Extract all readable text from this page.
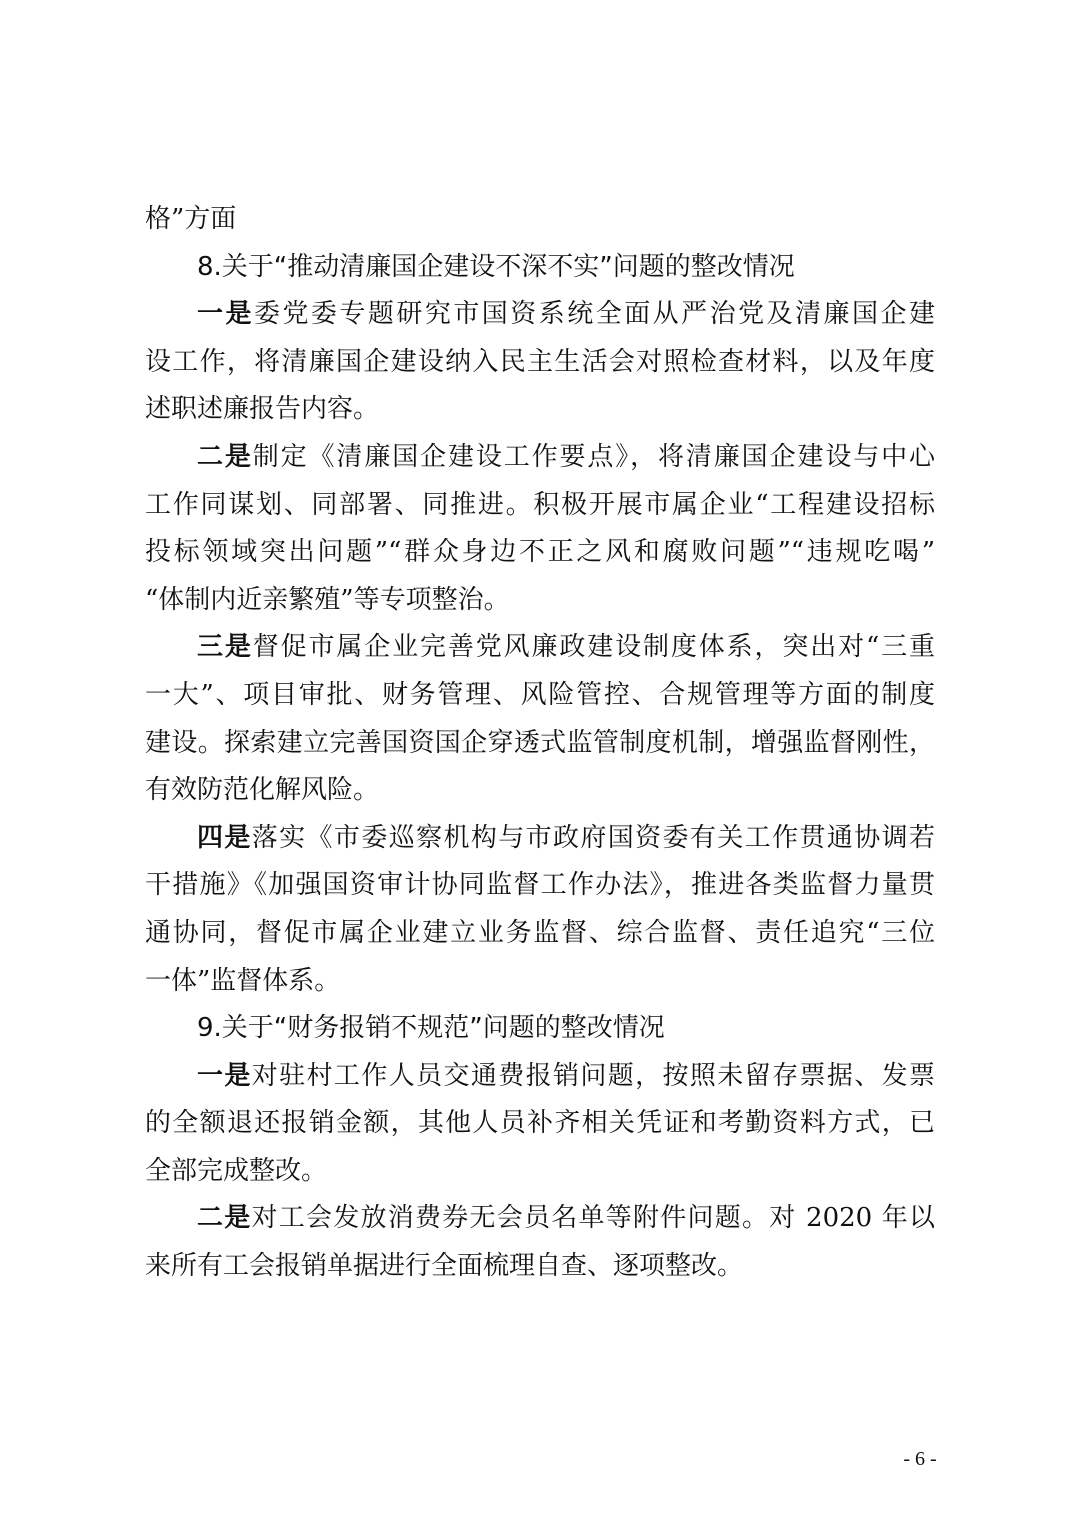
格”方面
8.关于“推动清廉国企建设不深不实”问题的整改情况
一是委党委专题研究市国资系统全面从严治党及清廉国企建
设工作，将清廉国企建设纳入民主生活会对照检查材料，以及年度
述职述廉报告内容。
二是制定《清廉国企建设工作要点》，将清廉国企建设与中心
工作同谋划、同部署、同推进。积极开展市属企业“工程建设招标
投标领域突出问题”“群众身边不正之风和腐败问题”“违规吃喝”
“体制内近亲繁殖”等专项整治。
三是督促市属企业完善党风廉政建设制度体系，突出对“三重
一大”、项目审批、财务管理、风险管控、合规管理等方面的制度
建设。探索建立完善国资国企穿透式监管制度机制，增强监督刚性，
有效防范化解风险。
四是落实《市委巡察机构与市政府国资委有关工作贯通协调若
干措施》《加强国资审计协同监督工作办法》，推进各类监督力量贯
通协同，督促市属企业建立业务监督、综合监督、责任追究“三位
一体”监督体系。
9.关于“财务报销不规范”问题的整改情况
一是对驻村工作人员交通费报销问题，按照未留存票据、发票
的全额退还报销金额，其他人员补齐相关凭证和考勤资料方式，已
全部完成整改。
二是对工会发放消费券无会员名单等附件问题。对 2020 年以
来所有工会报销单据进行全面梳理自查、逐项整改。
- 6 -
